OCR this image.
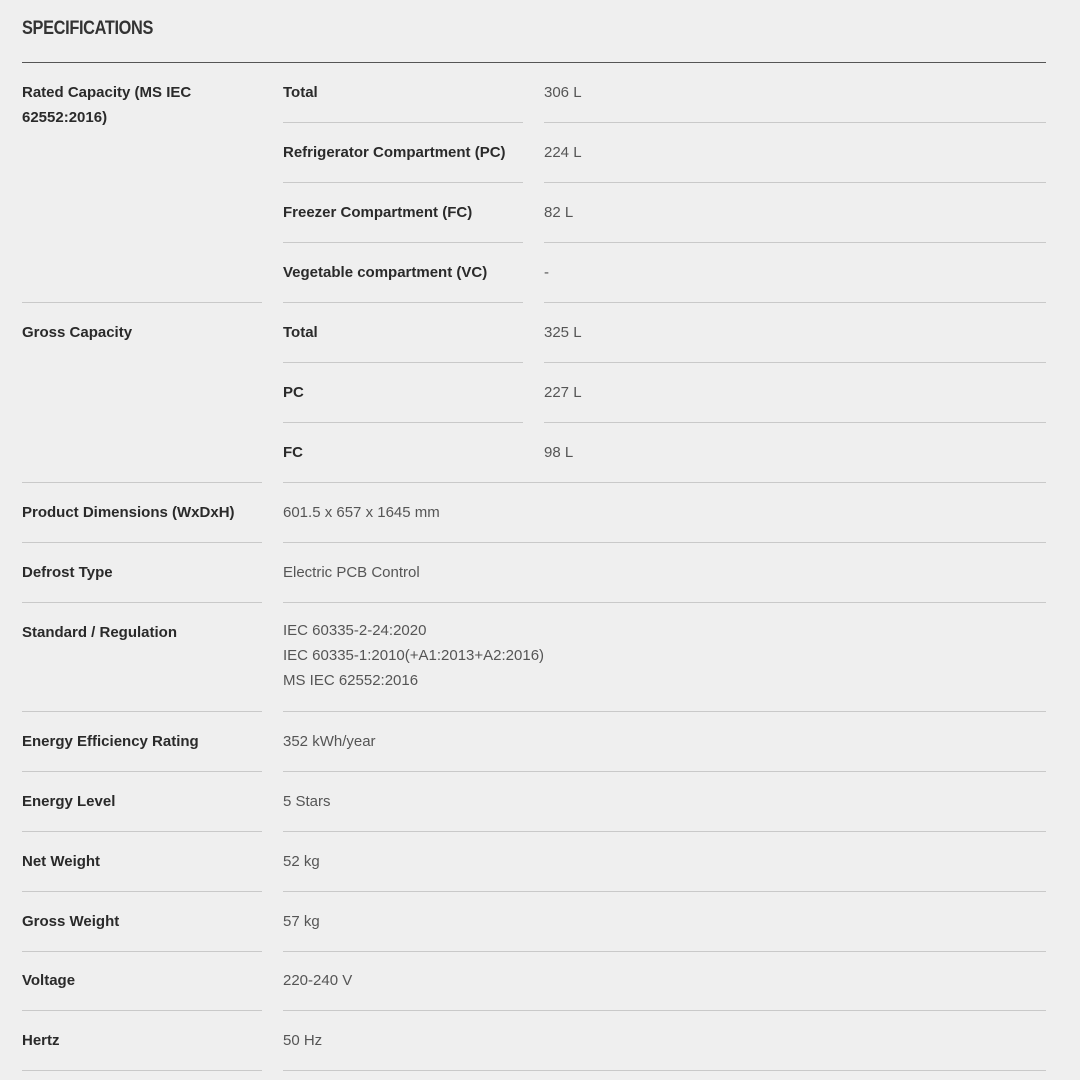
SPECIFICATIONS
Rated Capacity (MS IEC 62552:2016)
Total	306 L
Refrigerator Compartment (PC)	224 L
Freezer Compartment (FC)	82 L
Vegetable compartment (VC)	-
Gross Capacity	Total	325 L
PC	227 L
FC	98 L
Product Dimensions (WxDxH)	601.5 x 657 x 1645 mm
Defrost Type	Electric PCB Control
Standard / Regulation	IEC 60335-2-24:2020
IEC 60335-1:2010(+A1:2013+A2:2016)
MS IEC 62552:2016
Energy Efficiency Rating	352 kWh/year
Energy Level	5 Stars
Net Weight	52 kg
Gross Weight	57 kg
Voltage	220-240 V
Hertz	50 Hz
